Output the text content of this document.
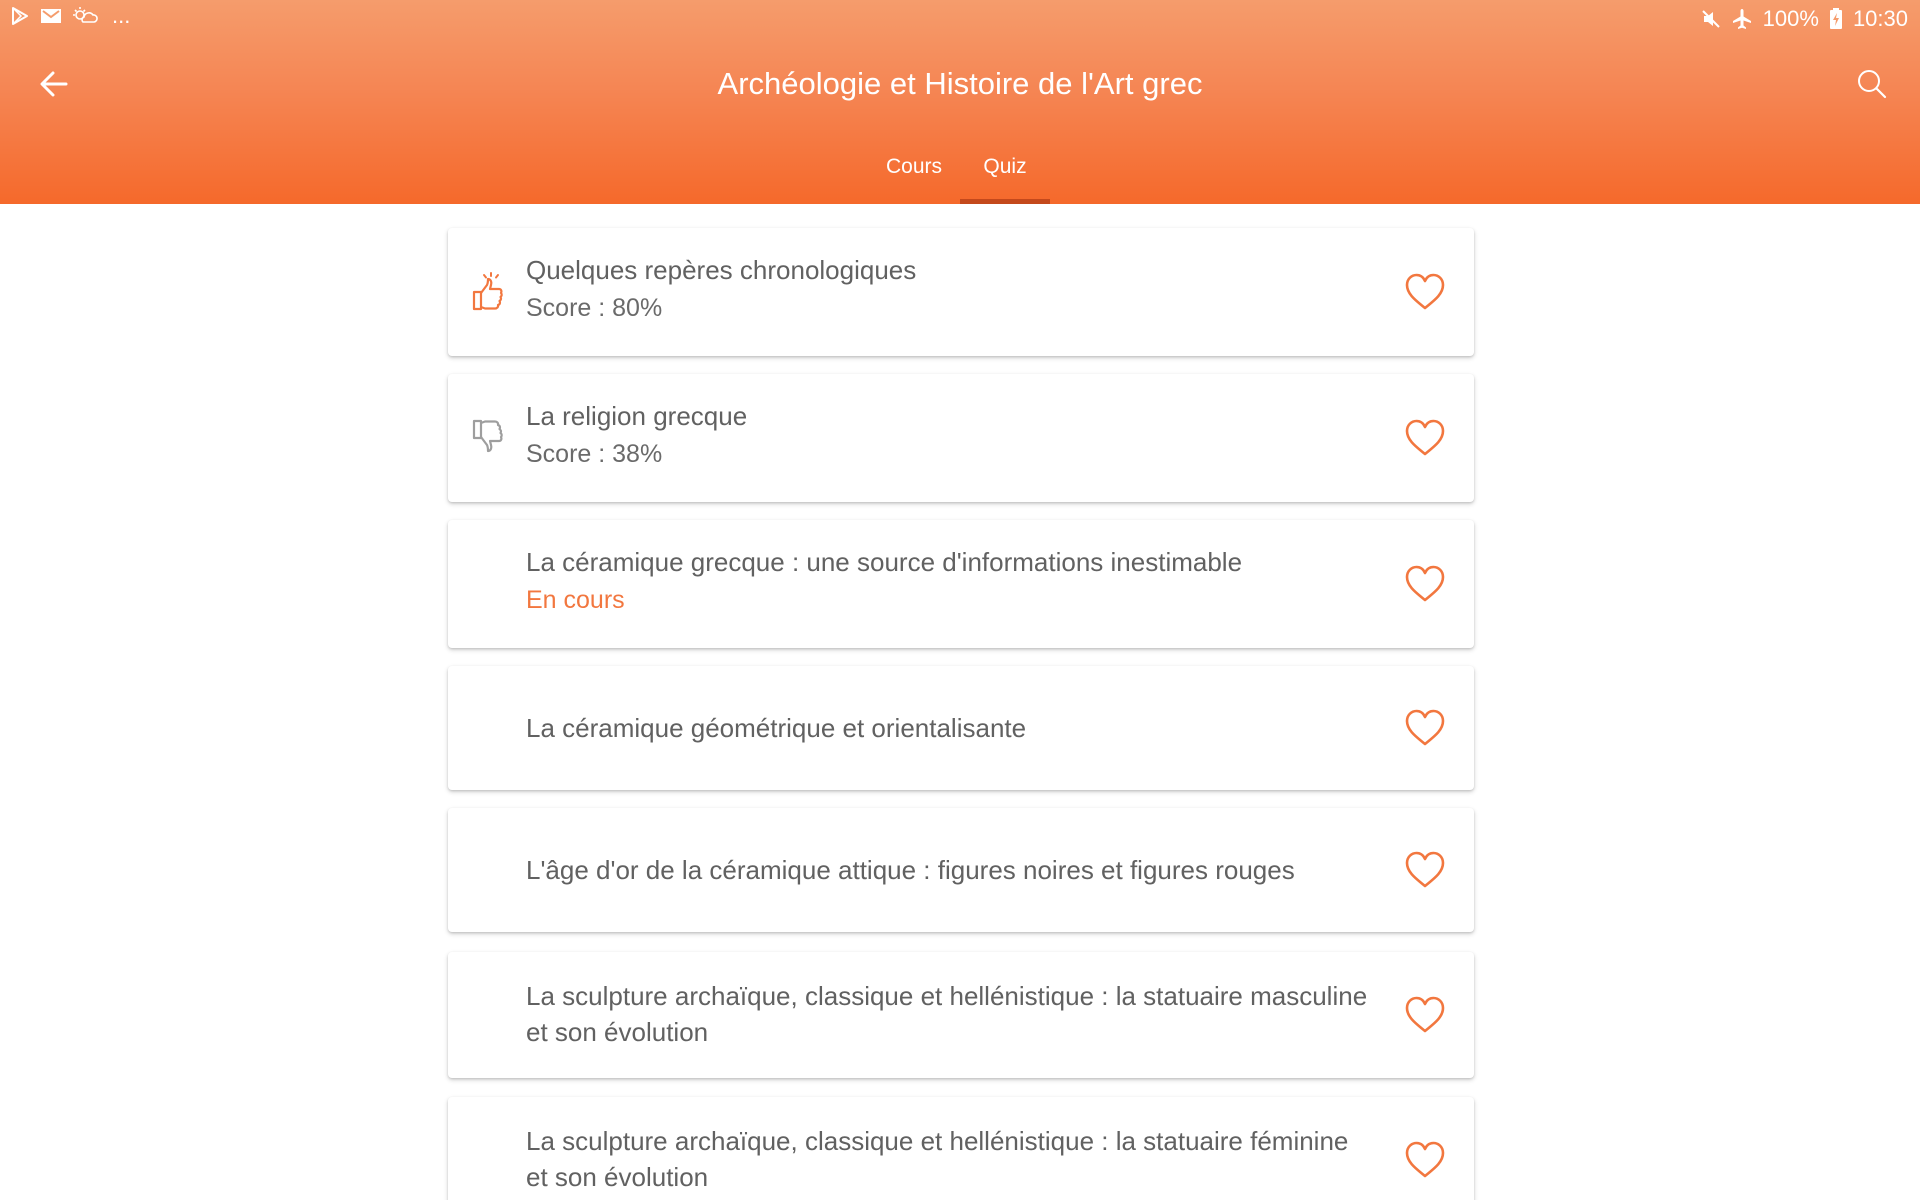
...	100% 10:30
Archéologie et Histoire de l'Art grec
Cours	Quiz
Quelques repères chronologiques
Score : 80%
La religion grecque
Score : 38%
La céramique grecque : une source d'informations inestimable
En cours
La céramique géométrique et orientalisante
L'âge d'or de la céramique attique : figures noires et figures rouges
La sculpture archaïque, classique et hellénistique : la statuaire masculine et son évolution
La sculpture archaïque, classique et hellénistique : la statuaire féminine et son évolution
